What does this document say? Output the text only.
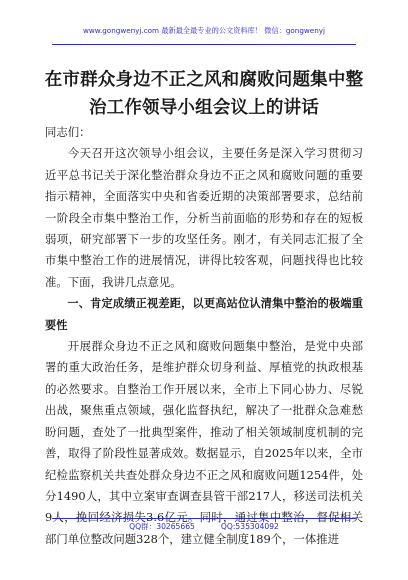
www.gongwenyj.com 最新最全最专业的公文资料库！ 微信：gongwenyj
在市群众身边不正之风和腐败问题集中整
治工作领导小组会议上的讲话

同志们：

今天召开这次领导小组会议，主要任务是深入学习贯彻习近平总书记关于深化整治群众身边不正之风和腐败问题的重要指示精神，全面落实中央和省委近期的决策部署要求，总结前一阶段全市集中整治工作，分析当前面临的形势和存在的短板弱项，研究部署下一步的攻坚任务。刚才，有关同志汇报了全市集中整治工作的进展情况，讲得比较客观，问题找得也比较准。下面，我讲几点意见。

一、肯定成绩正视差距，以更高站位认清集中整治的极端重要性

开展群众身边不正之风和腐败问题集中整治，是党中央部署的重大政治任务，是维护群众切身利益、厚植党的执政根基的必然要求。自整治工作开展以来，全市上下同心协力、尽锐出战，聚焦重点领域，强化监督执纪，解决了一批群众急难愁盼问题，查处了一批典型案件，推动了相关领域制度机制的完善，取得了阶段性显著成效。数据显示，自2025年以来，全市纪检监察机关共查处群众身边不正之风和腐败问题1254件，处分1490人，其中立案审查调查县管干部217人，移送司法机关9人，挽回经济损失3.6亿元。同时，通过集中整治，督促相关部门单位整改问题328个，建立健全制度189个，一体推进

QQ群：30265665	QQ:535304092
